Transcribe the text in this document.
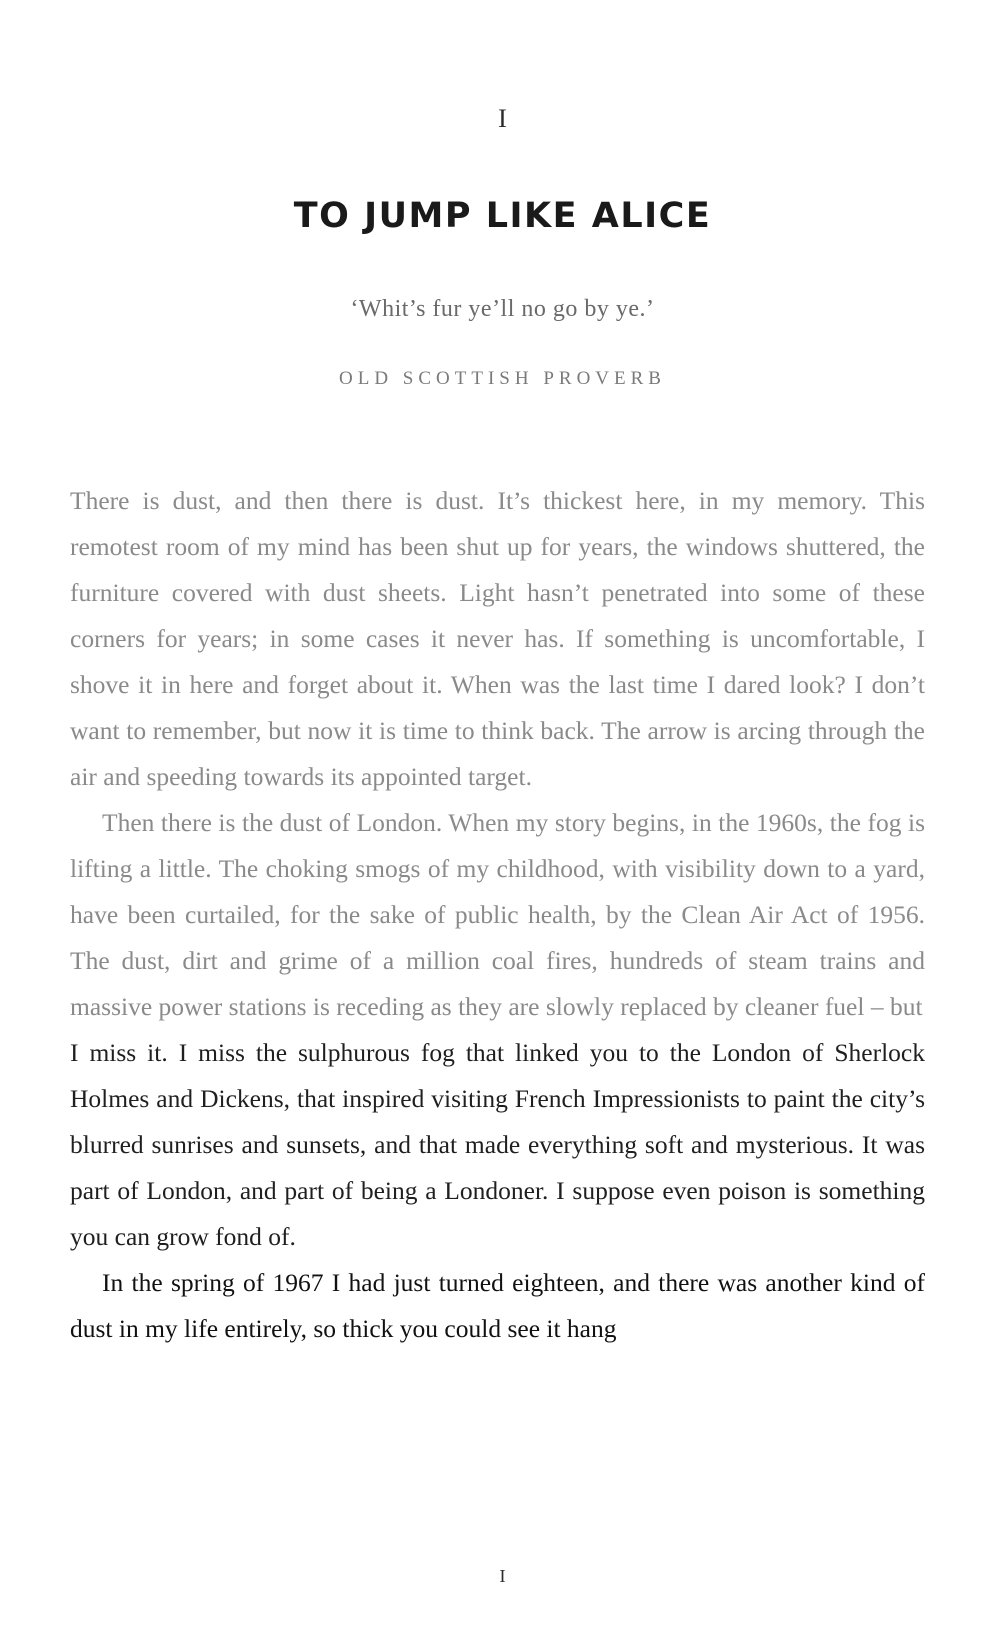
I
TO JUMP LIKE ALICE
‘Whit’s fur ye’ll no go by ye.’
OLD SCOTTISH PROVERB

There is dust, and then there is dust. It’s thickest here, in my memory. This remotest room of my mind has been shut up for years, the windows shuttered, the furniture covered with dust sheets. Light hasn’t penetrated into some of these corners for years; in some cases it never has. If something is uncomfortable, I shove it in here and forget about it. When was the last time I dared look? I don’t want to remember, but now it is time to think back. The arrow is arcing through the air and speeding towards its appointed target.

Then there is the dust of London. When my story begins, in the 1960s, the fog is lifting a little. The choking smogs of my childhood, with visibility down to a yard, have been curtailed, for the sake of public health, by the Clean Air Act of 1956. The dust, dirt and grime of a million coal fires, hundreds of steam trains and massive power stations is receding as they are slowly replaced by cleaner fuel – but

I miss it. I miss the sulphurous fog that linked you to the London of Sherlock Holmes and Dickens, that inspired visiting French Impressionists to paint the city’s blurred sunrises and sunsets, and that made everything soft and mysterious. It was part of London, and part of being a Londoner. I suppose even poison is something you can grow fond of.

In the spring of 1967 I had just turned eighteen, and there was another kind of dust in my life entirely, so thick you could see it hang

I
